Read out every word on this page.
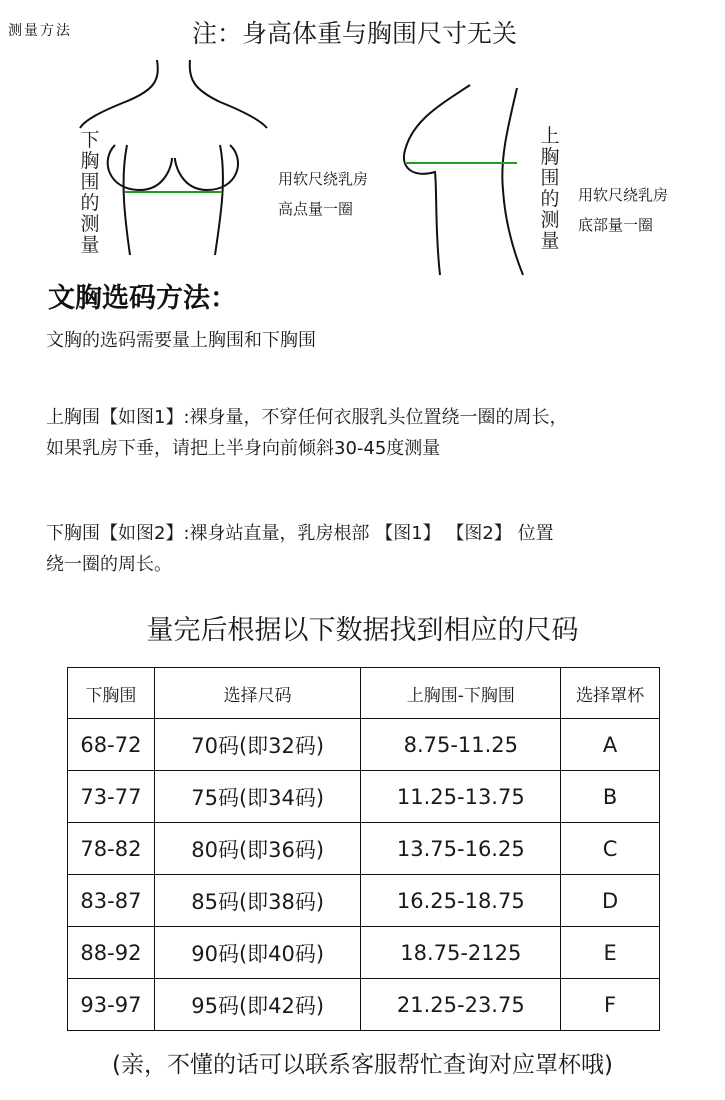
测量方法	注：身高体重与胸围尺寸无关
下胸围的测量
用软尺绕乳房
高点量一圈
上胸围的测量
用软尺绕乳房
底部量一圈
文胸选码方法：
文胸的选码需要量上胸围和下胸围
上胸围【如图1】:裸身量，不穿任何衣服乳头位置绕一圈的周长，
如果乳房下垂，请把上半身向前倾斜30-45度测量
下胸围【如图2】:裸身站直量，乳房根部 【图1】 【图2】 位置
绕一圈的周长。
量完后根据以下数据找到相应的尺码
下胸围	选择尺码	上胸围-下胸围	选择罩杯
68-72	70码(即32码)	8.75-11.25	A
73-77	75码(即34码)	11.25-13.75	B
78-82	80码(即36码)	13.75-16.25	C
83-87	85码(即38码)	16.25-18.75	D
88-92	90码(即40码)	18.75-2125	E
93-97	95码(即42码)	21.25-23.75	F
(亲，不懂的话可以联系客服帮忙查询对应罩杯哦)
